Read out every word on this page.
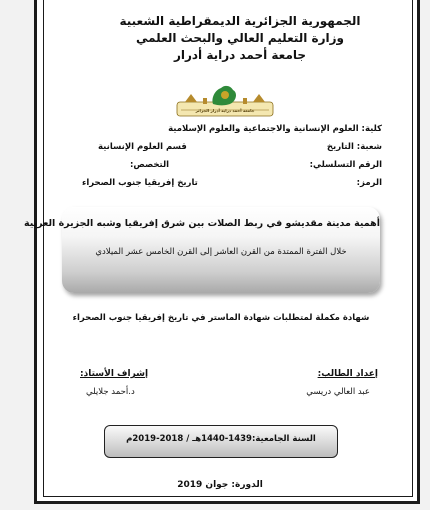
الجمهورية الجزائرية الديمقراطية الشعبية
وزارة التعليم العالي والبحث العلمي
جامعة أحمد دراية أدرار
جامعة أحمد دراية أدرار الجزائر
كلية: العلوم الإنسانية والاجتماعية والعلوم الإسلامية
شعبة: التاريخ
قسم العلوم الإنسانية
الرقم التسلسلي:
التخصص:
الرمز:
تاريخ إفريقيا جنوب الصحراء
أهمية مدينة مقديشو في ربط الصلات بين شرق إفريقيا وشبه الجزيرة العربية
خلال الفترة الممتدة من القرن العاشر إلى القرن الخامس عشر الميلادي
شهادة مكملة لمتطلبات شهادة الماستر في تاريخ إفريقيا جنوب الصحراء
إعداد الطالب:
عبد العالي دريسي
إشراف الأستاذ:
د.أحمد جلايلي
السنة الجامعية:1439-1440هـ / 2018-2019م
الدورة: جوان 2019
